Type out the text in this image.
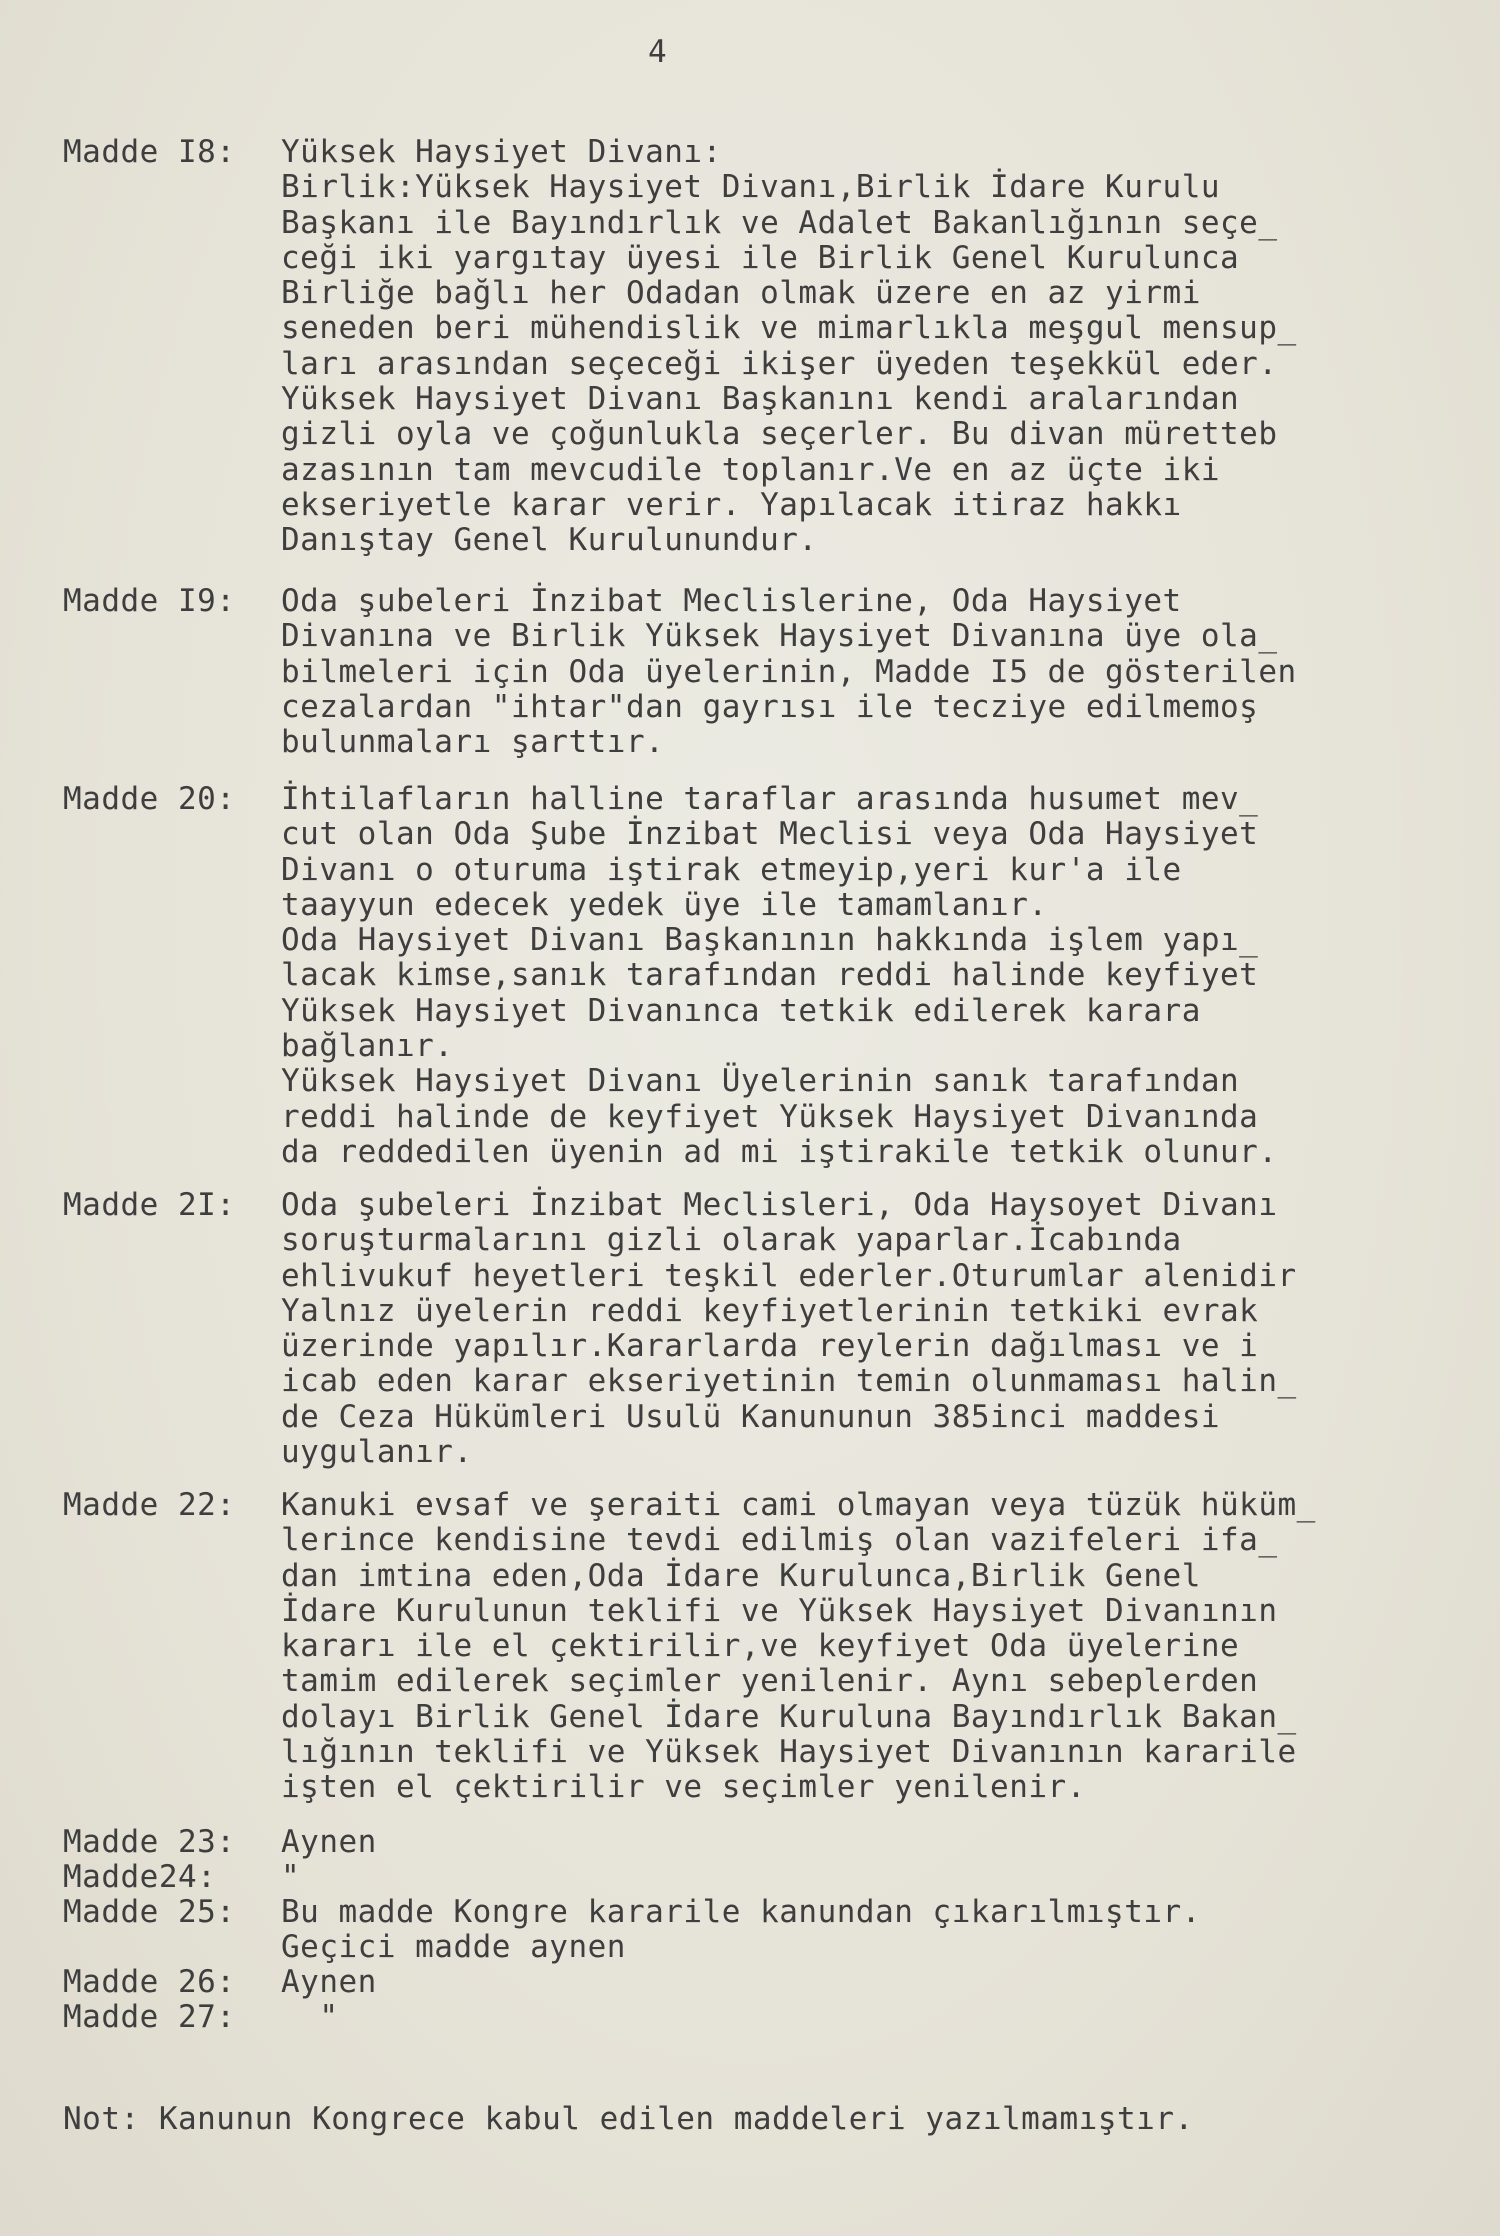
4
Madde I8: Yüksek Haysiyet Divanı:
Birlik:Yüksek Haysiyet Divanı,Birlik İdare Kurulu
Başkanı ile Bayındırlık ve Adalet Bakanlığının seçe_
ceği iki yargıtay üyesi ile Birlik Genel Kurulunca
Birliğe bağlı her Odadan olmak üzere en az yirmi
seneden beri mühendislik ve mimarlıkla meşgul mensup_
ları arasından seçeceği ikişer üyeden teşekkül eder.
Yüksek Haysiyet Divanı Başkanını kendi aralarından
gizli oyla ve çoğunlukla seçerler. Bu divan müretteb
azasının tam mevcudile toplanır.Ve en az üçte iki
ekseriyetle karar verir. Yapılacak itiraz hakkı
Danıştay Genel Kurulunundur.
Madde I9: Oda şubeleri İnzibat Meclislerine, Oda Haysiyet
Divanına ve Birlik Yüksek Haysiyet Divanına üye ola_
bilmeleri için Oda üyelerinin, Madde I5 de gösterilen
cezalardan "ihtar"dan gayrısı ile tecziye edilmemoş
bulunmaları şarttır.
Madde 20: İhtilafların halline taraflar arasında husumet mev_
cut olan Oda Şube İnzibat Meclisi veya Oda Haysiyet
Divanı o oturuma iştirak etmeyip,yeri kur'a ile
taayyun edecek yedek üye ile tamamlanır.
Oda Haysiyet Divanı Başkanının hakkında işlem yapı_
lacak kimse,sanık tarafından reddi halinde keyfiyet
Yüksek Haysiyet Divanınca tetkik edilerek karara
bağlanır.
Yüksek Haysiyet Divanı Üyelerinin sanık tarafından
reddi halinde de keyfiyet Yüksek Haysiyet Divanında
da reddedilen üyenin ad mi iştirakile tetkik olunur.
Madde 2I: Oda şubeleri İnzibat Meclisleri, Oda Haysoyet Divanı
soruşturmalarını gizli olarak yaparlar.İcabında
ehlivukuf heyetleri teşkil ederler.Oturumlar alenidir
Yalnız üyelerin reddi keyfiyetlerinin tetkiki evrak
üzerinde yapılır.Kararlarda reylerin dağılması ve i
icab eden karar ekseriyetinin temin olunmaması halin_
de Ceza Hükümleri Usulü Kanununun 385inci maddesi
uygulanır.
Madde 22: Kanuki evsaf ve şeraiti cami olmayan veya tüzük hüküm_
lerince kendisine tevdi edilmiş olan vazifeleri ifa_
dan imtina eden,Oda İdare Kurulunca,Birlik Genel
İdare Kurulunun teklifi ve Yüksek Haysiyet Divanının
kararı ile el çektirilir,ve keyfiyet Oda üyelerine
tamim edilerek seçimler yenilenir. Aynı sebeplerden
dolayı Birlik Genel İdare Kuruluna Bayındırlık Bakan_
lığının teklifi ve Yüksek Haysiyet Divanının kararile
işten el çektirilir ve seçimler yenilenir.
Madde 23: Aynen
Madde24: "
Madde 25: Bu madde Kongre kararile kanundan çıkarılmıştır.
Geçici madde aynen
Madde 26: Aynen
Madde 27: "
Not: Kanunun Kongrece kabul edilen maddeleri yazılmamıştır.
